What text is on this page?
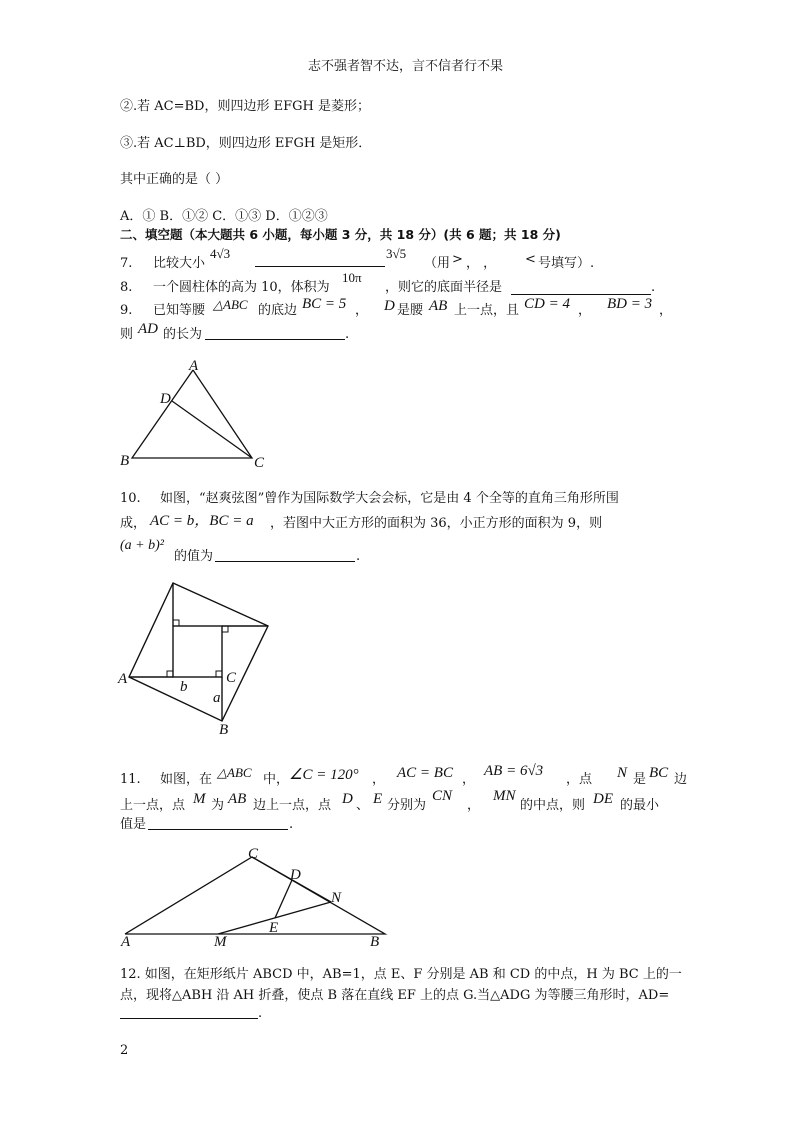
志不强者智不达，言不信者行不果
②.若 AC=BD，则四边形 EFGH 是菱形；
③.若 AC⊥BD，则四边形 EFGH 是矩形．
其中正确的是（ ）
A．① B．①② C．①③ D．①②③
二、填空题（本大题共 6 小题，每小题 3 分，共 18 分）(共 6 题；共 18 分)
7. 比较大小
4√3	3√5
（用 > ， ， < 号填写）.
8. 一个圆柱体的高为 10，体积为
10π
，则它的底面半径是	.
9. 已知等腰 △ABC 的底边 BC = 5 ， D 是腰 AB 上一点，且 CD = 4 ， BD = 3 ，
则 AD 的长为	.
A
D
B	C
10. 如图，“赵爽弦图”曾作为国际数学大会会标，它是由 4 个全等的直角三角形所围
成， AC = b，BC = a ，若图中大正方形的面积为 36，小正方形的面积为 9，则
(a + b)²
的值为	.
A	b
C
a
B
11. 如图，在 △ABC 中， ∠C = 120° ， AC = BC ，
AB = 6√3
，点 N 是 BC 边
上一点，点 M 为 AB 边上一点，点 D 、 E 分别为
CN
，
MN
的中点，则 DE 的最小
值是	.
C
D
N
E
A	M	B
12. 如图，在矩形纸片 ABCD 中，AB=1，点 E、F 分别是 AB 和 CD 的中点，H 为 BC 上的一
点，现将△ABH 沿 AH 折叠，使点 B 落在直线 EF 上的点 G.当△ADG 为等腰三角形时，AD=
.
2
